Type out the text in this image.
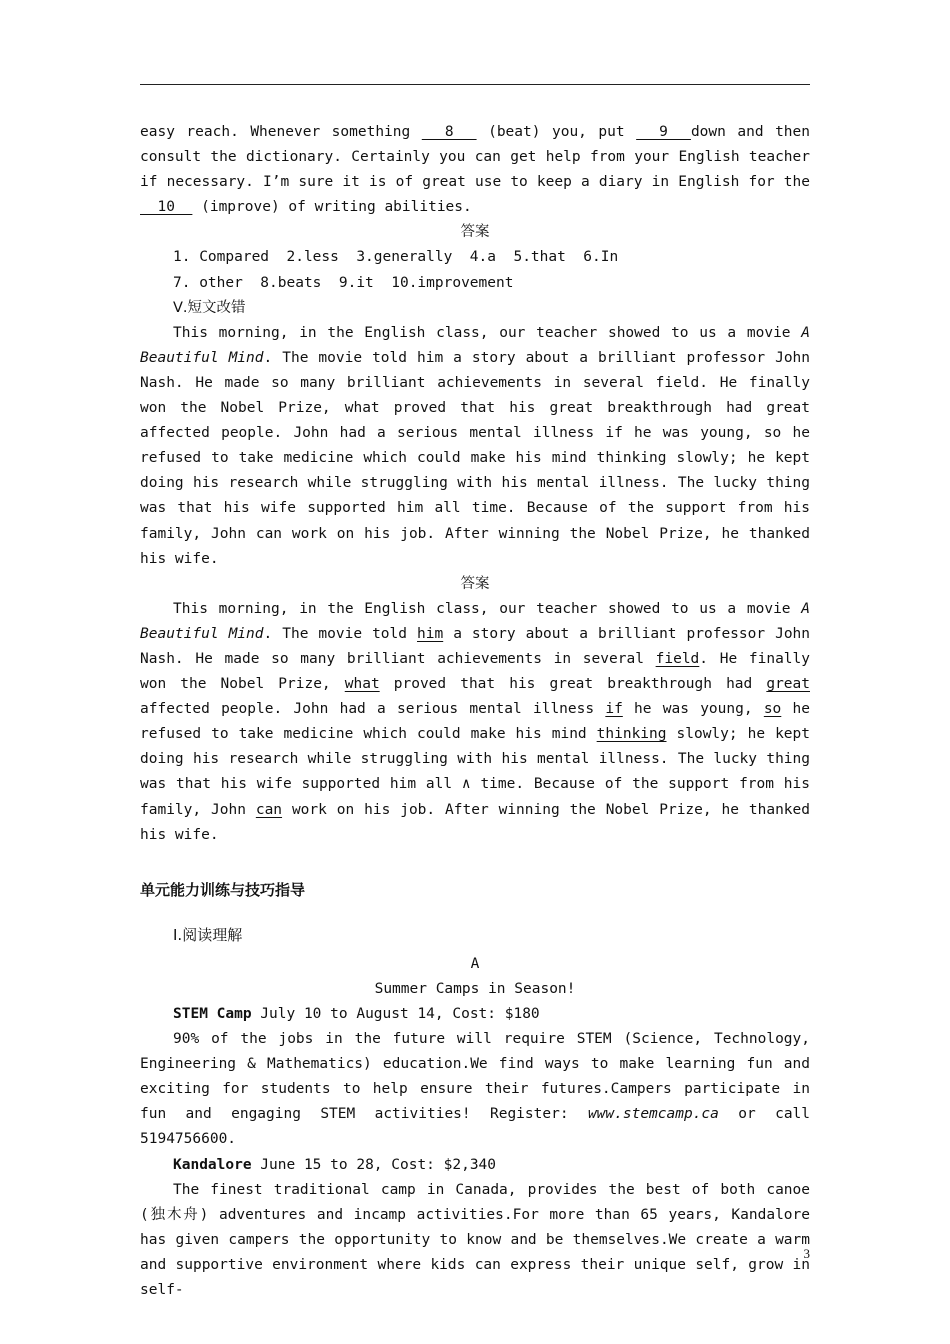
easy reach. Whenever something   8   (beat) you, put   9  down and then consult the dictionary. Certainly you can get help from your English teacher if necessary. I’m sure it is of great use to keep a diary in English for the   10   (improve) of writing abilities.

答案

1. Compared  2.less  3.generally  4.a  5.that  6.In

7. other  8.beats  9.it  10.improvement

Ⅴ.短文改错

This morning, in the English class, our teacher showed to us a movie A Beautiful Mind. The movie told him a story about a brilliant professor John Nash. He made so many brilliant achievements in several field. He finally won the Nobel Prize, what proved that his great breakthrough had great affected people. John had a serious mental illness if he was young, so he refused to take medicine which could make his mind thinking slowly; he kept doing his research while struggling with his mental illness. The lucky thing was that his wife supported him all time. Because of the support from his family, John can work on his job. After winning the Nobel Prize, he thanked his wife.

答案

This morning, in the English class, our teacher showed to us a movie A Beautiful Mind. The movie told him a story about a brilliant professor John Nash. He made so many brilliant achievements in several field. He finally won the Nobel Prize, what proved that his great breakthrough had great affected people. John had a serious mental illness if he was young, so he refused to take medicine which could make his mind thinking slowly; he kept doing his research while struggling with his mental illness. The lucky thing was that his wife supported him all ∧ time. Because of the support from his family, John can work on his job. After winning the Nobel Prize, he thanked his wife.

单元能力训练与技巧指导

Ⅰ.阅读理解

A

Summer Camps in Season!

STEM Camp July 10 to August 14, Cost: $180

90% of the jobs in the future will require STEM (Science, Technology, Engineering & Mathematics) education.We find ways to make learning fun and exciting for students to help ensure their futures.Campers participate in fun and engaging STEM activities! Register: www.stemcamp.ca or call 5194756600.

Kandalore June 15 to 28, Cost: $2,340

The finest traditional camp in Canada, provides the best of both canoe (独木舟) adventures and incamp activities.For more than 65 years, Kandalore has given campers the opportunity to know and be themselves.We create a warm and supportive environment where kids can express their unique self, grow in self-

3
